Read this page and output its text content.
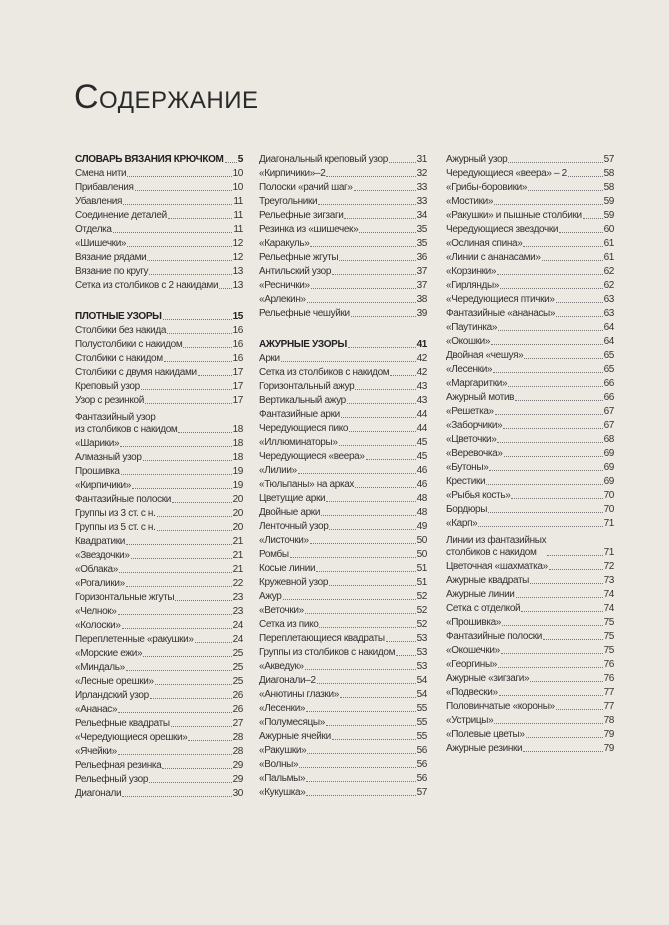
Содержание
СЛОВАРЬ ВЯЗАНИЯ КРЮЧКОМ 5
Смена нити	10
Прибавления	10
Убавления	11
Соединение деталей	11
Отделка	11
«Шишечки»	12
Вязание рядами	12
Вязание по кругу	13
Сетка из столбиков с 2 накидами 13
ПЛОТНЫЕ УЗОРЫ	15
Столбики без накида	16
Полустолбики с накидом	16
Столбики с накидом	16
Столбики с двумя накидами	17
Креповый узор	17
Узор с резинкой	17
Фантазийный узор
из столбиков с накидом	18
«Шарики»	18
Алмазный узор	18
Прошивка	19
«Кирпичики»	19
Фантазийные полоски	20
Группы из 3 ст. с н.	20
Группы из 5 ст. с н.	20
Квадратики	21
«Звездочки»	21
«Облака»	21
«Рогалики»	22
Горизонтальные жгуты	23
«Челнок»	23
«Колоски»	24
Переплетенные «ракушки»	24
«Морские ежи»	25
«Миндаль»	25
«Лесные орешки»	25
Ирландский узор	26
«Ананас»	26
Рельефные квадраты	27
«Чередующиеся орешки»	28
«Ячейки»	28
Рельефная резинка	29
Рельефный узор	29
Диагонали	30
Диагональный креповый узор	31
«Кирпичики»–2	32
Полоски «рачий шаг»	33
Треугольники	33
Рельефные зигзаги	34
Резинка из «шишечек»	35
«Каракуль»	35
Рельефные жгуты	36
Антильский узор	37
«Реснички»	37
«Арлекин»	38
Рельефные чешуйки	39
АЖУРНЫЕ УЗОРЫ	41
Арки	42
Сетка из столбиков с накидом	42
Горизонтальный ажур	43
Вертикальный ажур	43
Фантазийные арки	44
Чередующиеся пико	44
«Иллюминаторы»	45
Чередующиеся «веера»	45
«Лилии»	46
«Тюльпаны» на арках	46
Цветущие арки	48
Двойные арки	48
Ленточный узор	49
«Листочки»	50
Ромбы	50
Косые линии	51
Кружевной узор	51
Ажур	52
«Веточки»	52
Сетка из пико	52
Переплетающиеся квадраты	53
Группы из столбиков с накидом 53
«Акведук»	53
Диагонали–2	54
«Анютины глазки»	54
«Лесенки»	55
«Полумесяцы»	55
Ажурные ячейки	55
«Ракушки»	56
«Волны»	56
«Пальмы»	56
«Кукушка»	57
Ажурный узор	57
Чередующиеся «веера» – 2	58
«Грибы-боровики»	58
«Мостики»	59
«Ракушки» и пышные столбики 59
Чередующиеся звездочки	60
«Ослиная спина»	61
«Линии с ананасами»	61
«Корзинки»	62
«Гирлянды»	62
«Чередующиеся птички»	63
Фантазийные «ананасы»	63
«Паутинка»	64
«Окошки»	64
Двойная «чешуя»	65
«Лесенки»	65
«Маргаритки»	66
Ажурный мотив	66
«Решетка»	67
«Заборчики»	67
«Цветочки»	68
«Веревочка»	69
«Бутоны»	69
Крестики	69
«Рыбья кость»	70
Бордюры	70
«Карп»	71
Линии из фантазийных
столбиков с накидом	71
Цветочная «шахматка»	72
Ажурные квадраты	73
Ажурные линии	74
Сетка с отделкой	74
«Прошивка»	75
Фантазийные полоски	75
«Окошечки»	75
«Георгины»	76
Ажурные «зигзаги»	76
«Подвески»	77
Половинчатые «короны»	77
«Устрицы»	78
«Полевые цветы»	79
Ажурные резинки	79
